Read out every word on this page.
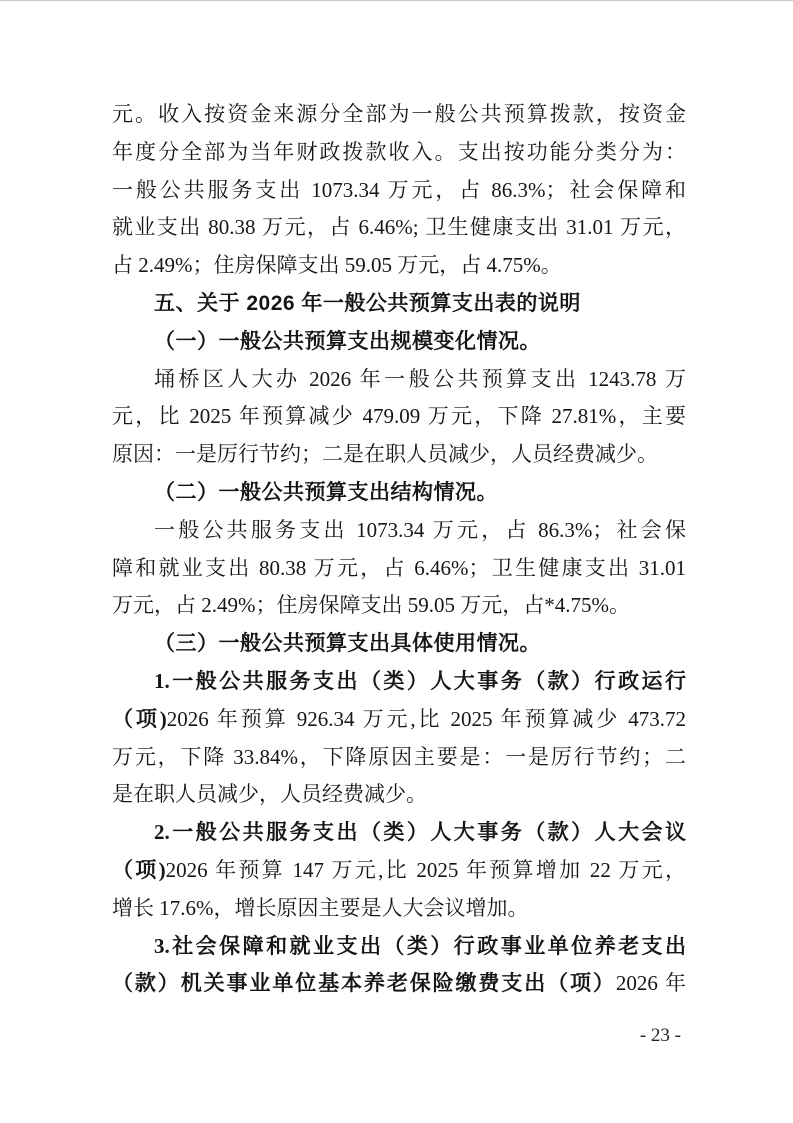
元。收入按资金来源分全部为一般公共预算拨款，按资金
年度分全部为当年财政拨款收入。支出按功能分类分为：
一般公共服务支出 1073.34 万元，占 86.3%；社会保障和
就业支出 80.38 万元，占 6.46%; 卫生健康支出 31.01 万元，
占 2.49%；住房保障支出 59.05 万元，占 4.75%。
五、关于 2026 年一般公共预算支出表的说明
（一）一般公共预算支出规模变化情况。
埇桥区人大办 2026 年一般公共预算支出 1243.78 万
元，比 2025 年预算减少 479.09 万元，下降 27.81%，主要
原因：一是厉行节约；二是在职人员减少，人员经费减少。
（二）一般公共预算支出结构情况。
一般公共服务支出 1073.34 万元，占 86.3%；社会保
障和就业支出 80.38 万元，占 6.46%；卫生健康支出 31.01
万元，占 2.49%；住房保障支出 59.05 万元，占*4.75%。
（三）一般公共预算支出具体使用情况。
1.一般公共服务支出（类）人大事务（款）行政运行
（项)2026 年预算 926.34 万元,比 2025 年预算减少 473.72
万元，下降 33.84%，下降原因主要是：一是厉行节约；二
是在职人员减少，人员经费减少。
2.一般公共服务支出（类）人大事务（款）人大会议
（项)2026 年预算 147 万元,比 2025 年预算增加 22 万元，
增长 17.6%，增长原因主要是人大会议增加。
3.社会保障和就业支出（类）行政事业单位养老支出
（款）机关事业单位基本养老保险缴费支出（项）2026 年
- 23 -
